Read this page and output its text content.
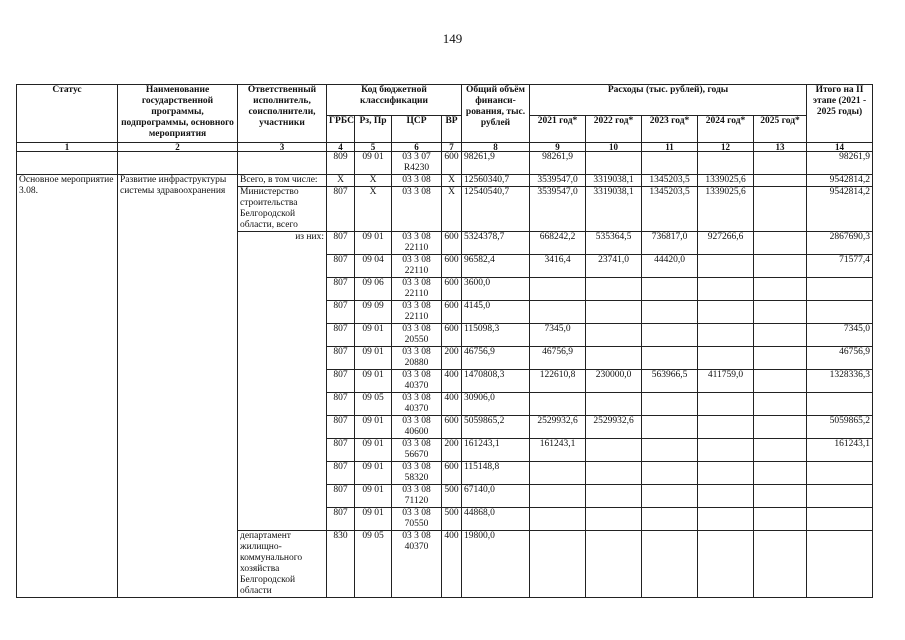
149
Статус	Наименование государственной программы, подпрограммы, основного мероприятия	Ответственный исполнитель, соисполнители, участники	Код бюджетной классификации				Общий объём финанси-рования, тыс. рублей	Расходы (тыс. рублей), годы					Итого на II этапе (2021 - 2025 годы)
			ГРБС	Рз, Пр	ЦСР	ВР		2021 год*	2022 год*	2023 год*	2024 год*	2025 год*	
1	2	3	4	5	6	7	8	9	10	11	12	13	14
			809	09 01	03 3 07 R4230	600	98261,9	98261,9					98261,9
Основное мероприятие 3.08.	Развитие инфраструктуры системы здравоохранения	Всего, в том числе:	X	X	03 3 08	X	12560340,7	3539547,0	3319038,1	1345203,5	1339025,6		9542814,2
		Министерство строительства Белгородской области, всего	807	X	03 3 08	X	12540540,7	3539547,0	3319038,1	1345203,5	1339025,6		9542814,2
		из них:	807	09 01	03 3 08 22110	600	5324378,7	668242,2	535364,5	736817,0	927266,6		2867690,3
			807	09 04	03 3 08 22110	600	96582,4	3416,4	23741,0	44420,0			71577,4
			807	09 06	03 3 08 22110	600	3600,0						
			807	09 09	03 3 08 22110	600	4145,0						
			807	09 01	03 3 08 20550	600	115098,3	7345,0					7345,0
			807	09 01	03 3 08 20880	200	46756,9	46756,9					46756,9
			807	09 01	03 3 08 40370	400	1470808,3	122610,8	230000,0	563966,5	411759,0		1328336,3
			807	09 05	03 3 08 40370	400	30906,0						
			807	09 01	03 3 08 40600	600	5059865,2	2529932,6	2529932,6				5059865,2
			807	09 01	03 3 08 56670	200	161243,1	161243,1					161243,1
			807	09 01	03 3 08 58320	600	115148,8						
			807	09 01	03 3 08 71120	500	67140,0						
			807	09 01	03 3 08 70550	500	44868,0						
		департамент жилищно-коммунального хозяйства Белгородской области	830	09 05	03 3 08 40370	400	19800,0						
